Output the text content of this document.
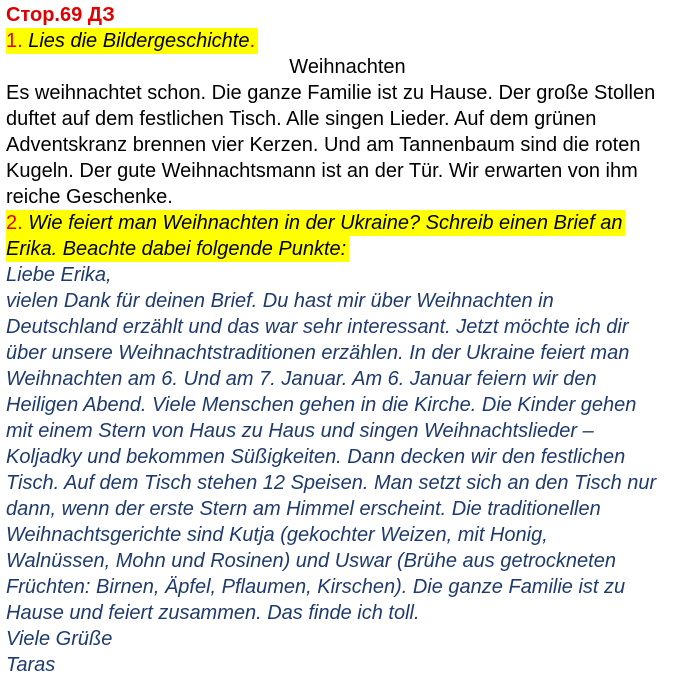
Стор.69 ДЗ
1. Lies die Bildergeschichte.
Weihnachten
Es weihnachtet schon. Die ganze Familie ist zu Hause. Der große Stollen
duftet auf dem festlichen Tisch. Alle singen Lieder. Auf dem grünen
Adventskranz brennen vier Kerzen. Und am Tannenbaum sind die roten
Kugeln. Der gute Weihnachtsmann ist an der Tür. Wir erwarten von ihm
reiche Geschenke.
2. Wie feiert man Weihnachten in der Ukraine? Schreib einen Brief an
Erika. Beachte dabei folgende Punkte:
Liebe Erika,
vielen Dank für deinen Brief. Du hast mir über Weihnachten in
Deutschland erzählt und das war sehr interessant. Jetzt möchte ich dir
über unsere Weihnachtstraditionen erzählen. In der Ukraine feiert man
Weihnachten am 6. Und am 7. Januar. Am 6. Januar feiern wir den
Heiligen Abend. Viele Menschen gehen in die Kirche. Die Kinder gehen
mit einem Stern von Haus zu Haus und singen Weihnachtslieder –
Koljadky und bekommen Süßigkeiten. Dann decken wir den festlichen
Tisch. Auf dem Tisch stehen 12 Speisen. Man setzt sich an den Tisch nur
dann, wenn der erste Stern am Himmel erscheint. Die traditionellen
Weihnachtsgerichte sind Kutja (gekochter Weizen, mit Honig,
Walnüssen, Mohn und Rosinen) und Uswar (Brühe aus getrockneten
Früchten: Birnen, Äpfel, Pflaumen, Kirschen). Die ganze Familie ist zu
Hause und feiert zusammen. Das finde ich toll.
Viele Grüße
Taras
